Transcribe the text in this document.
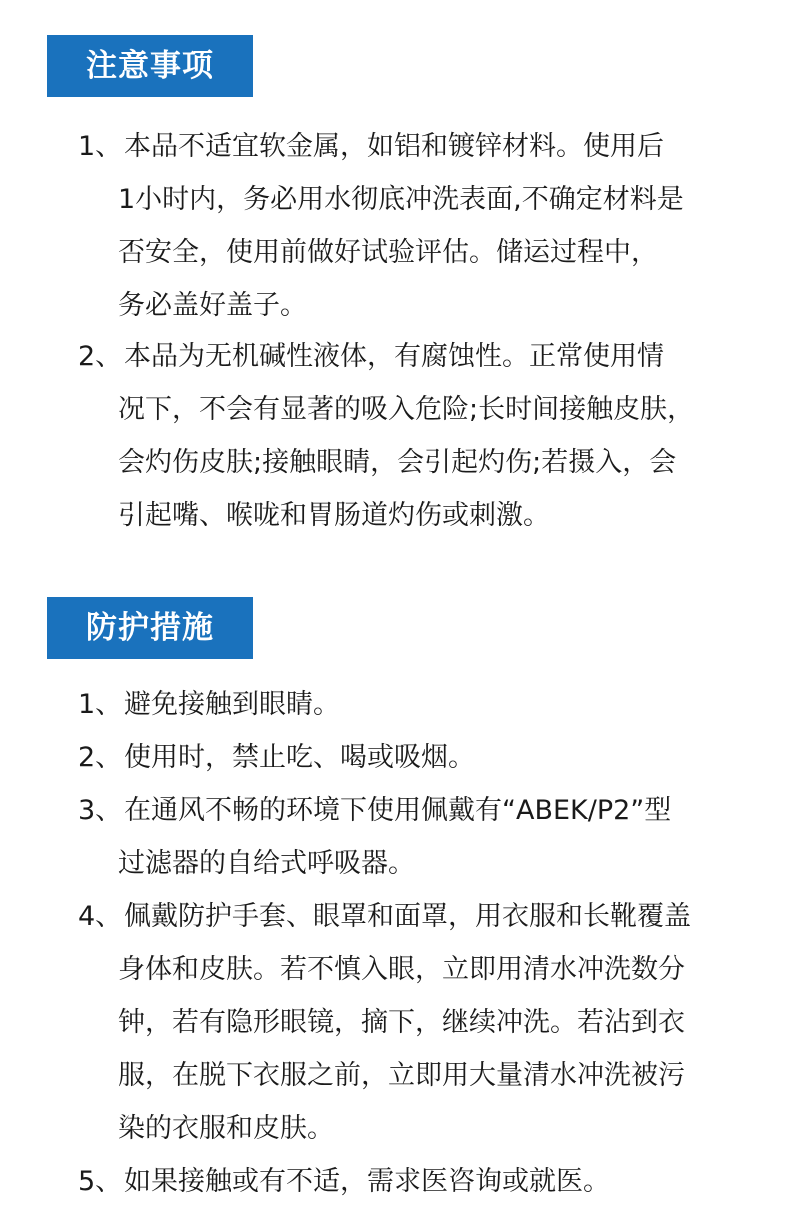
注意事项
1、 本品不适宜软金属，如铝和镀锌材料。使用后
1小时内，务必用水彻底冲洗表面,不确定材料是
否安全，使用前做好试验评估。储运过程中，
务必盖好盖子。
2、 本品为无机碱性液体，有腐蚀性。正常使用情
况下，不会有显著的吸入危险;长时间接触皮肤，
会灼伤皮肤;接触眼睛，会引起灼伤;若摄入，会
引起嘴、喉咙和胃肠道灼伤或刺激。
防护措施
1、 避免接触到眼睛。
2、 使用时，禁止吃、喝或吸烟。
3、 在通风不畅的环境下使用佩戴有“ABEK/P2”型
过滤器的自给式呼吸器。
4、 佩戴防护手套、眼罩和面罩，用衣服和长靴覆盖
身体和皮肤。若不慎入眼，立即用清水冲洗数分
钟，若有隐形眼镜，摘下，继续冲洗。若沾到衣
服，在脱下衣服之前，立即用大量清水冲洗被污
染的衣服和皮肤。
5、 如果接触或有不适，需求医咨询或就医。
